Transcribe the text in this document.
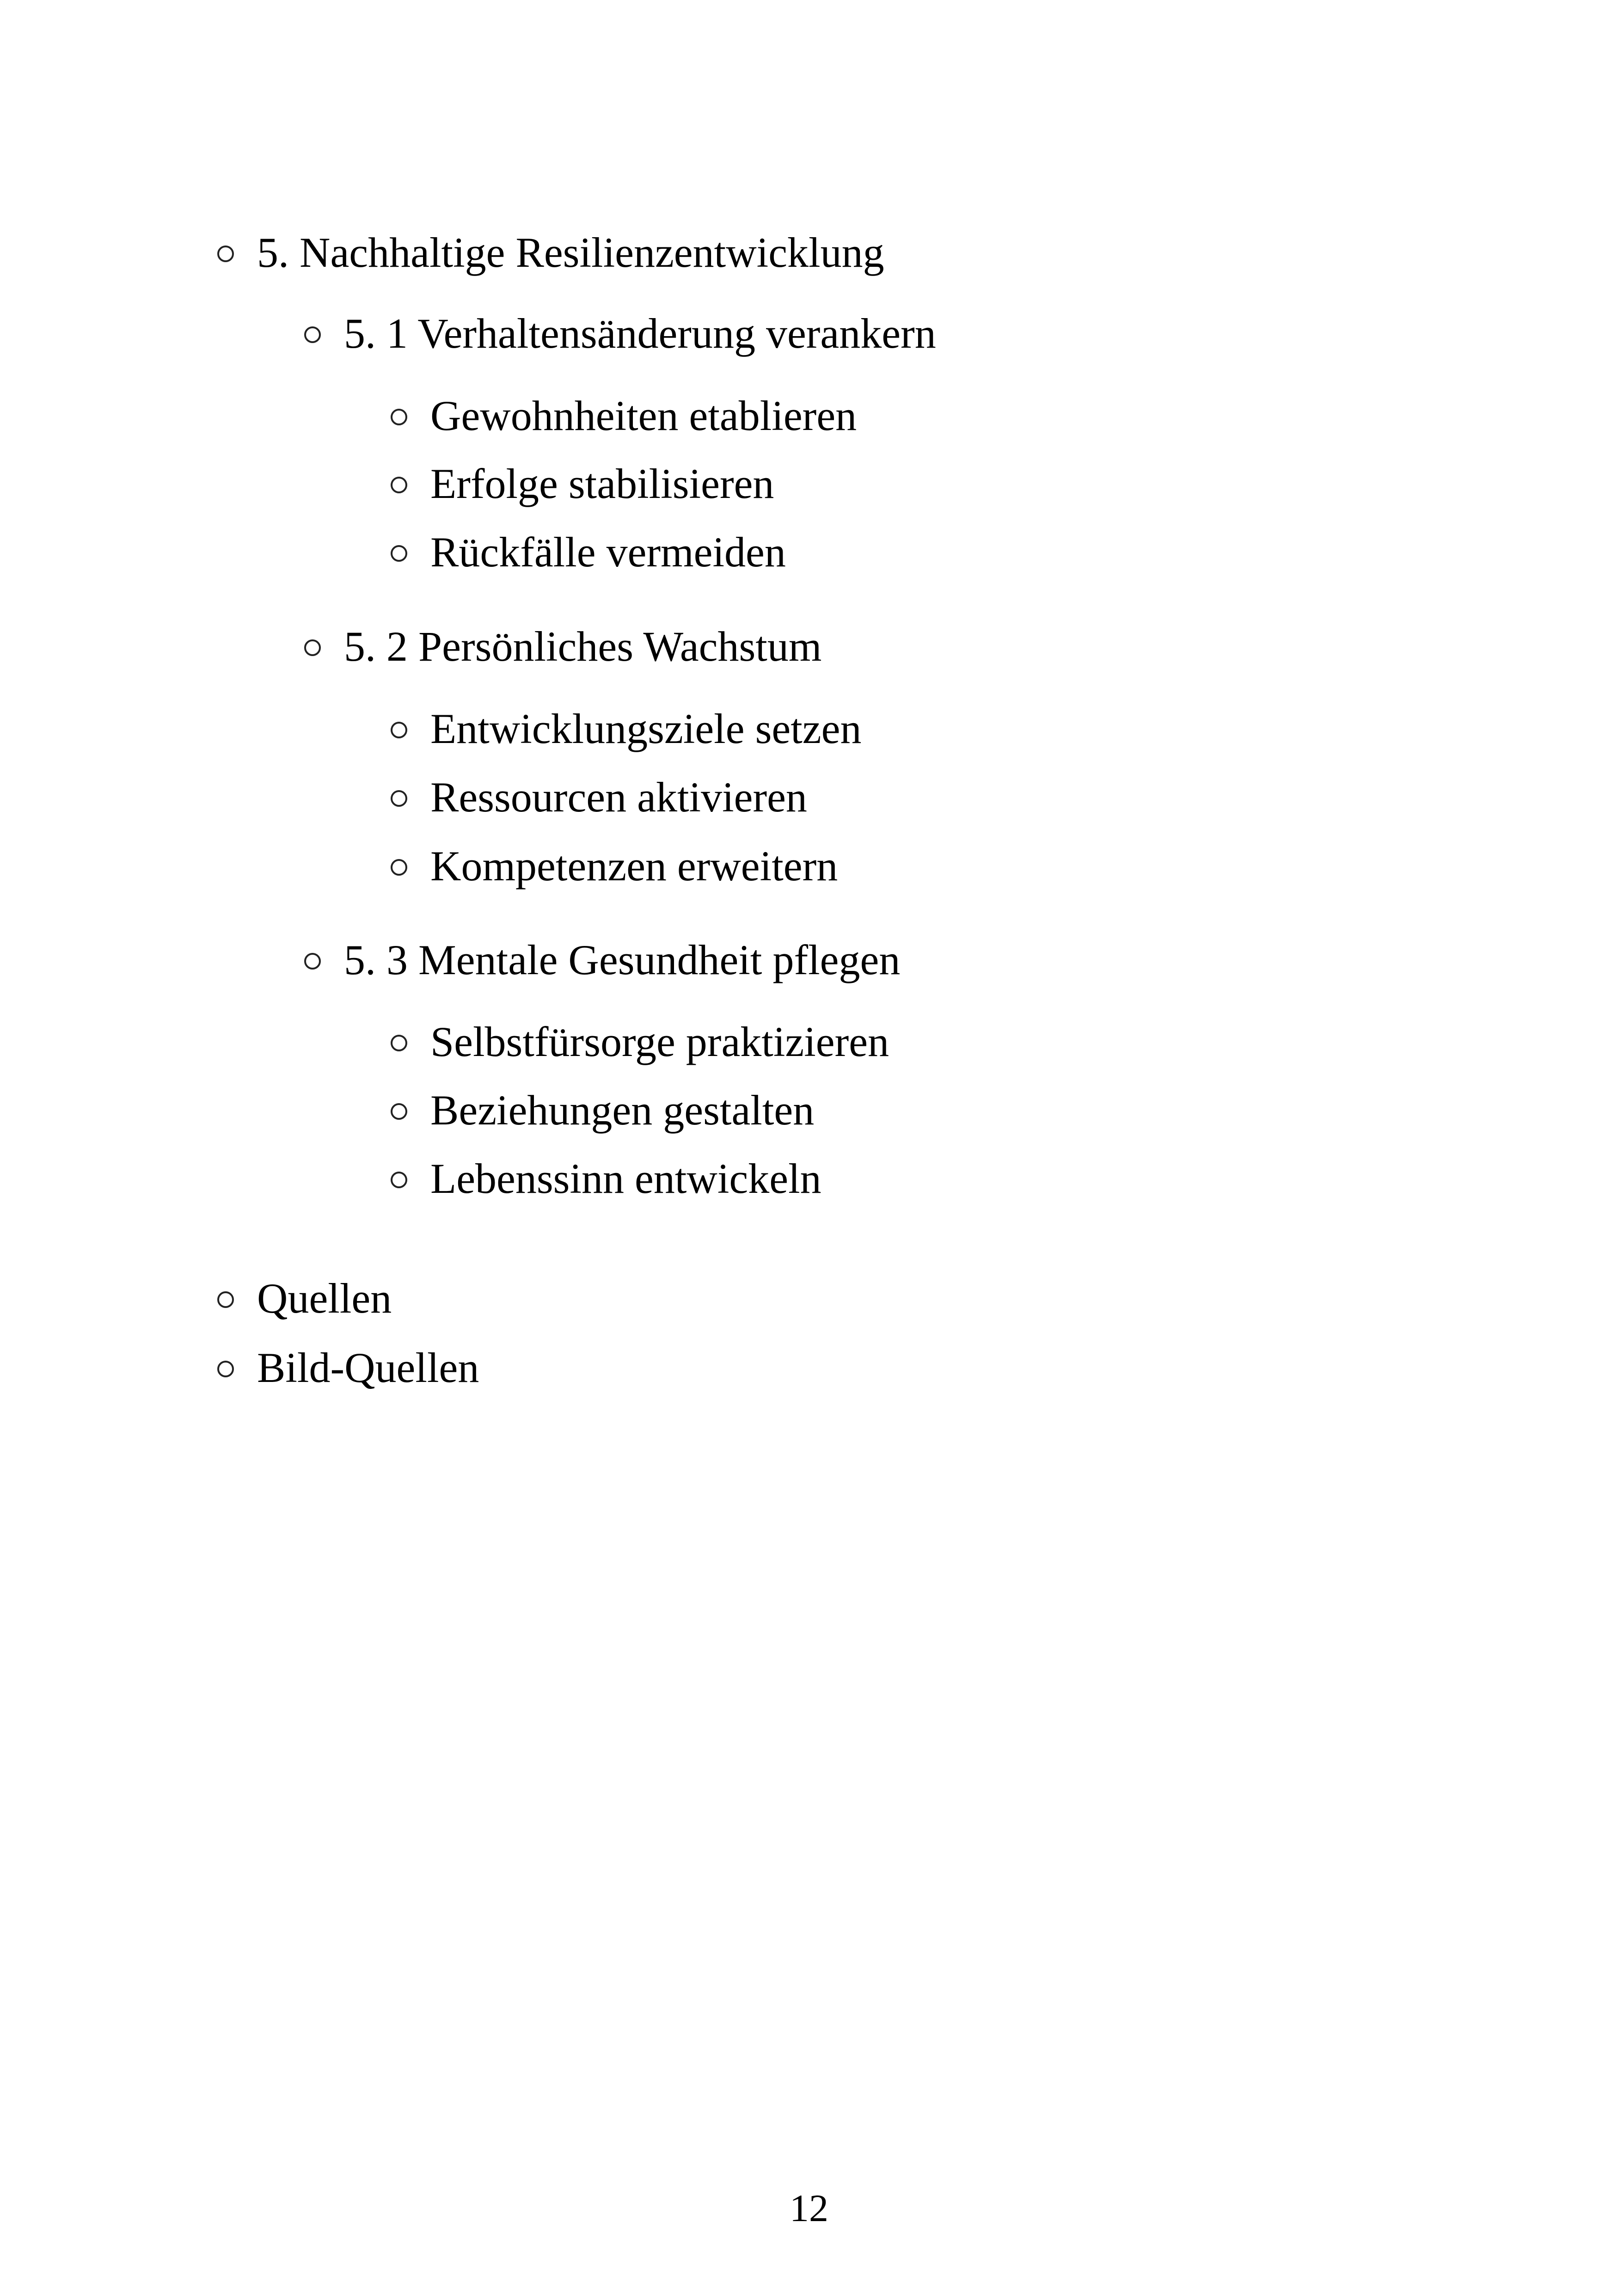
5. Nachhaltige Resilienzentwicklung
5. 1 Verhaltensänderung verankern
Gewohnheiten etablieren
Erfolge stabilisieren
Rückfälle vermeiden
5. 2 Persönliches Wachstum
Entwicklungsziele setzen
Ressourcen aktivieren
Kompetenzen erweitern
5. 3 Mentale Gesundheit pflegen
Selbstfürsorge praktizieren
Beziehungen gestalten
Lebenssinn entwickeln
Quellen
Bild-Quellen
12
